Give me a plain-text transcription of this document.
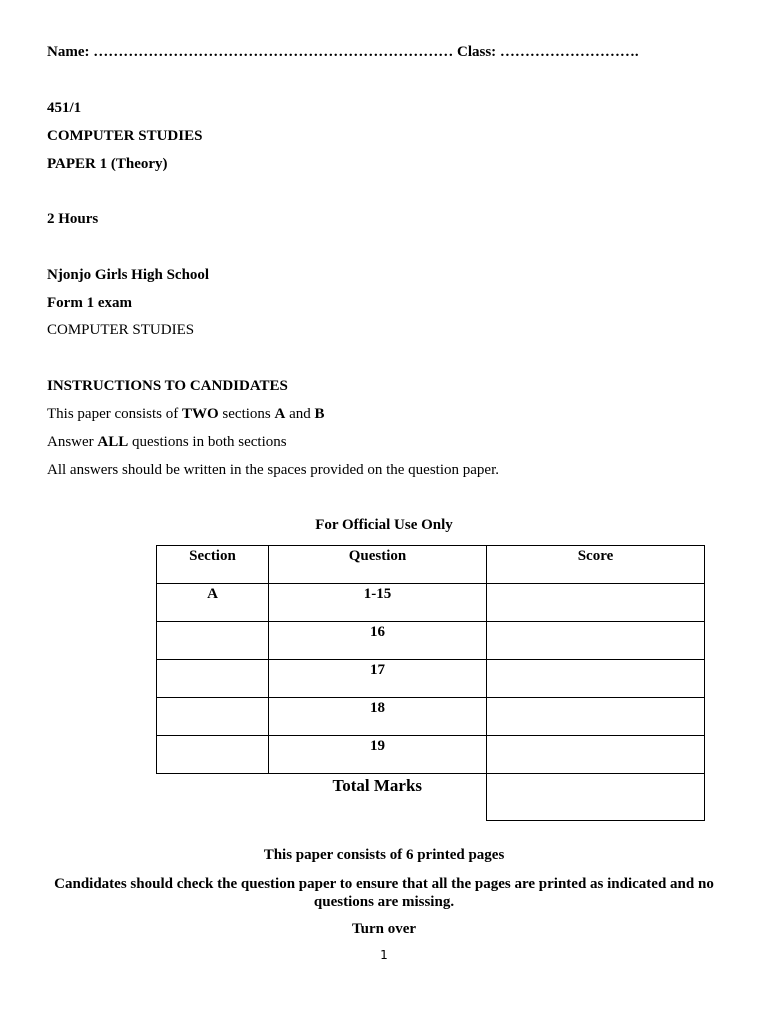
Name: ……………………………………………………………… Class: ……………………….
451/1
COMPUTER STUDIES
PAPER 1 (Theory)
2 Hours
Njonjo Girls High School
Form 1 exam
COMPUTER STUDIES
INSTRUCTIONS TO CANDIDATES
This paper consists of TWO sections A and B
Answer ALL questions in both sections
All answers should be written in the spaces provided on the question paper.
For Official Use Only
Section	Question	Score

A	1-15	

	16	

	17	

	18	

	19	

	Total Marks	

This paper consists of 6 printed pages
Candidates should check the question paper to ensure that all the pages are printed as indicated and no questions are missing.
Turn over
1
